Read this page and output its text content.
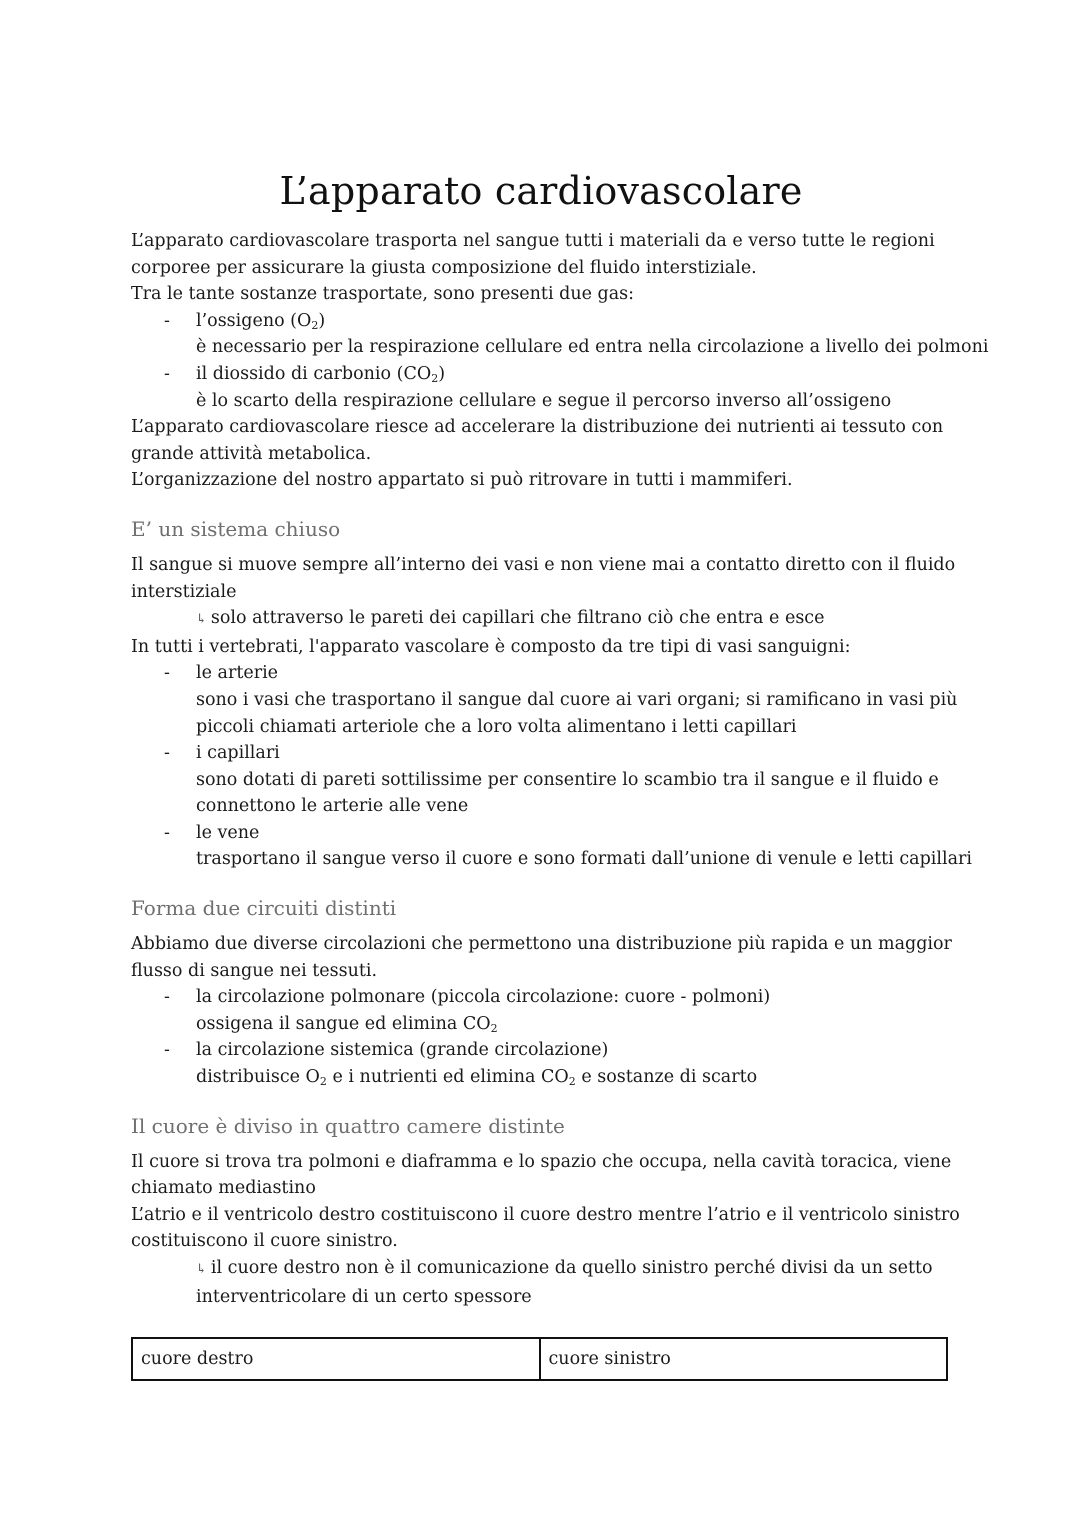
L’apparato cardiovascolare
L’apparato cardiovascolare trasporta nel sangue tutti i materiali da e verso tutte le regioni
corporee per assicurare la giusta composizione del fluido interstiziale.
Tra le tante sostanze trasportate, sono presenti due gas:
- l’ossigeno $(O_2)$
è necessario per la respirazione cellulare ed entra nella circolazione a livello dei polmoni
- il diossido di carbonio $(CO_2)$
è lo scarto della respirazione cellulare e segue il percorso inverso all’ossigeno
L’apparato cardiovascolare riesce ad accelerare la distribuzione dei nutrienti ai tessuto con
grande attività metabolica.
L’organizzazione del nostro appartato si può ritrovare in tutti i mammiferi.
E’ un sistema chiuso
Il sangue si muove sempre all’interno dei vasi e non viene mai a contatto diretto con il fluido
interstiziale
↳ solo attraverso le pareti dei capillari che filtrano ciò che entra e esce
In tutti i vertebrati, l'apparato vascolare è composto da tre tipi di vasi sanguigni:
- le arterie
sono i vasi che trasportano il sangue dal cuore ai vari organi; si ramificano in vasi più
piccoli chiamati arteriole che a loro volta alimentano i letti capillari
- i capillari
sono dotati di pareti sottilissime per consentire lo scambio tra il sangue e il fluido e
connettono le arterie alle vene
- le vene
trasportano il sangue verso il cuore e sono formati dall’unione di venule e letti capillari
Forma due circuiti distinti
Abbiamo due diverse circolazioni che permettono una distribuzione più rapida e un maggior
flusso di sangue nei tessuti.
- la circolazione polmonare (piccola circolazione: cuore - polmoni)
ossigena il sangue ed elimina $CO_2$
- la circolazione sistemica (grande circolazione)
distribuisce $O_2$ e i nutrienti ed elimina $CO_2$ e sostanze di scarto
Il cuore è diviso in quattro camere distinte
Il cuore si trova tra polmoni e diaframma e lo spazio che occupa, nella cavità toracica, viene
chiamato mediastino
L’atrio e il ventricolo destro costituiscono il cuore destro mentre l’atrio e il ventricolo sinistro
costituiscono il cuore sinistro.
↳ il cuore destro non è il comunicazione da quello sinistro perché divisi da un setto
interventricolare di un certo spessore
cuore destro	cuore sinistro
